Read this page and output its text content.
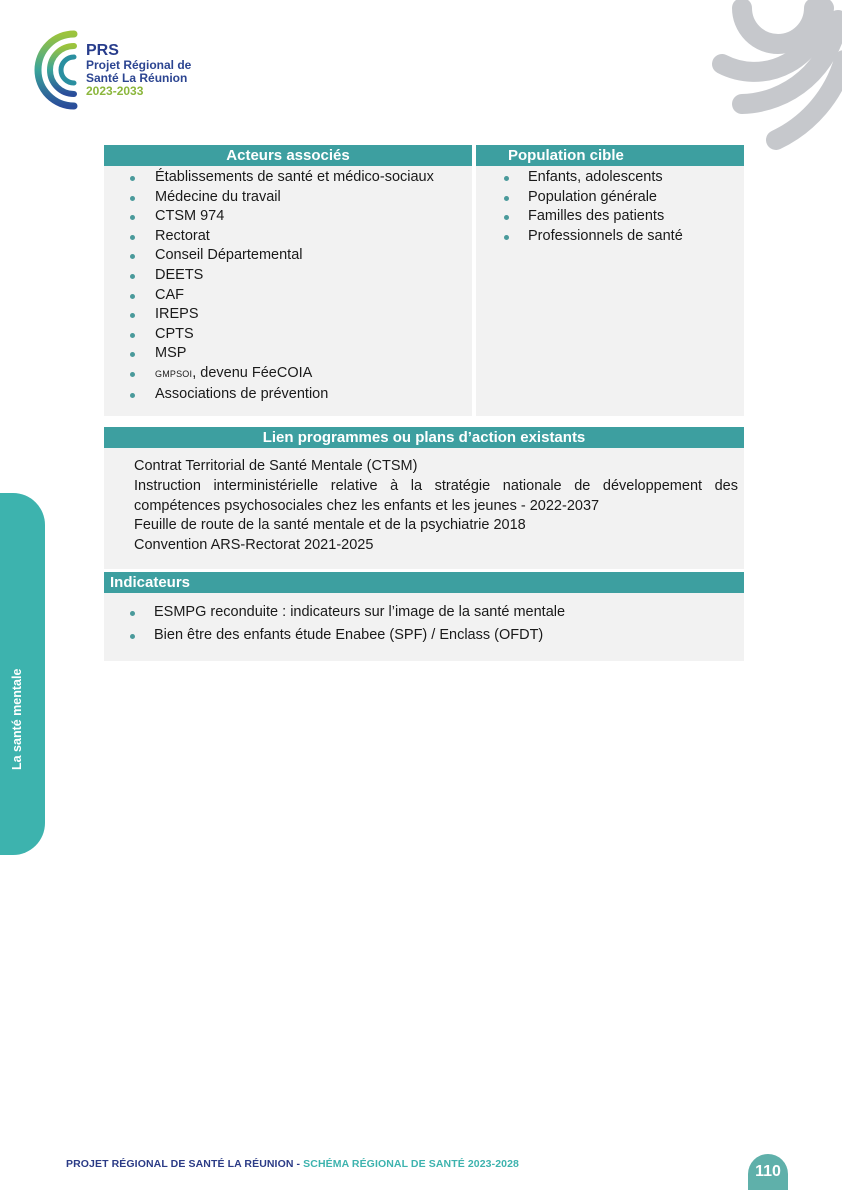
PRS
Projet Régional de
Santé La Réunion
2023-2033
Acteurs associés
Établissements de santé et médico-sociaux
Médecine du travail
CTSM 974
Rectorat
Conseil Départemental
DEETS
CAF
IREPS
CPTS
MSP
GMPSOI, devenu FéeCOIA
Associations de prévention
Population cible
Enfants, adolescents
Population générale
Familles des patients
Professionnels de santé
Lien programmes ou plans d’action existants

Contrat Territorial de Santé Mentale (CTSM)

Instruction interministérielle relative à la stratégie nationale de développement des compétences psychosociales chez les enfants et les jeunes - 2022-2037

Feuille de route de la santé mentale et de la psychiatrie 2018

Convention ARS-Rectorat 2021-2025

Indicateurs
ESMPG reconduite : indicateurs sur l’image de la santé mentale
Bien être des enfants étude Enabee (SPF) / Enclass (OFDT)
La santé mentale
PROJET RÉGIONAL DE SANTÉ LA RÉUNION - SCHÉMA RÉGIONAL DE SANTÉ 2023-2028	110
